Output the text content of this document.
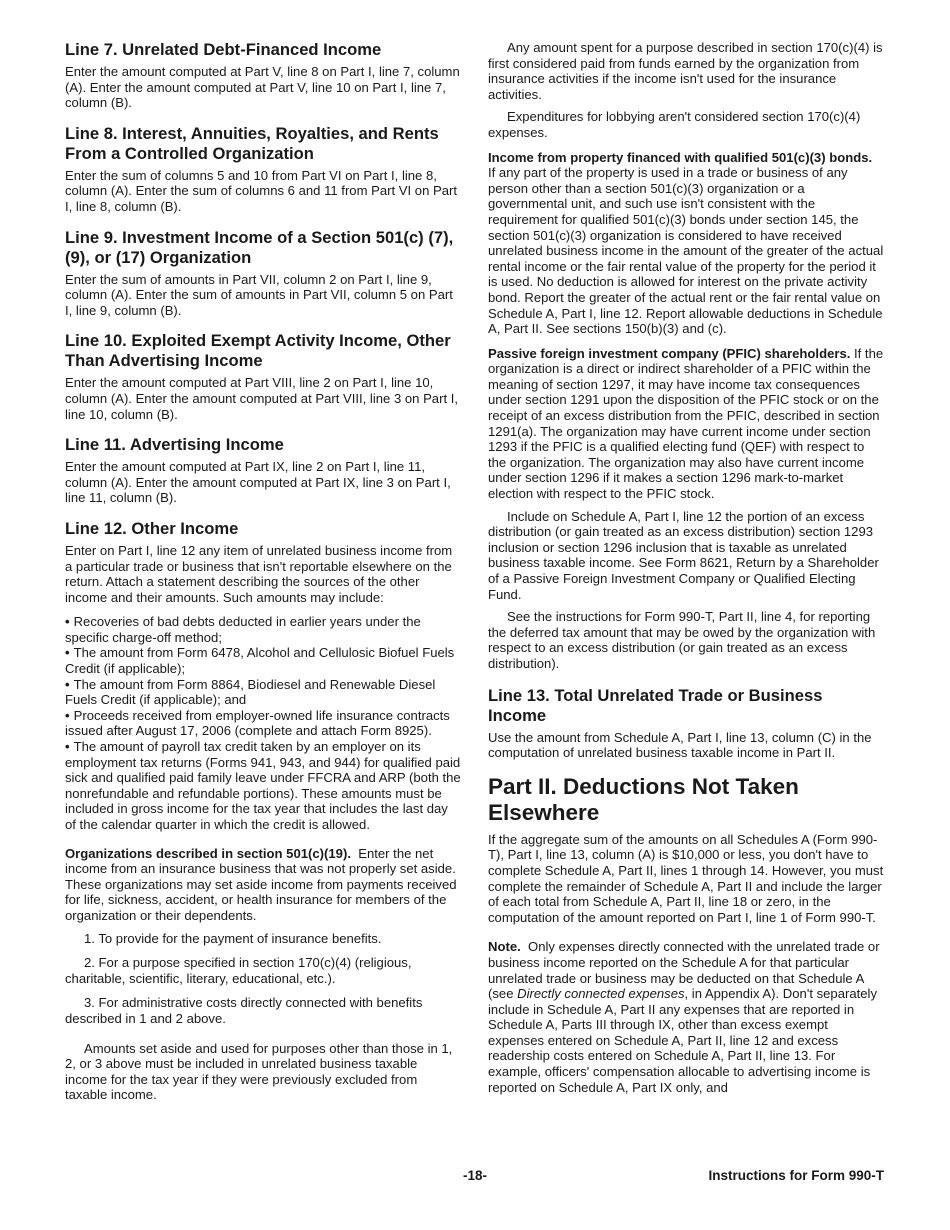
Line 7. Unrelated Debt-Financed Income

Enter the amount computed at Part V, line 8 on Part I, line 7, column (A). Enter the amount computed at Part V, line 10 on Part I, line 7, column (B).

Line 8. Interest, Annuities, Royalties, and Rents From a Controlled Organization

Enter the sum of columns 5 and 10 from Part VI on Part I, line 8, column (A). Enter the sum of columns 6 and 11 from Part VI on Part I, line 8, column (B).

Line 9. Investment Income of a Section 501(c) (7), (9), or (17) Organization

Enter the sum of amounts in Part VII, column 2 on Part I, line 9, column (A). Enter the sum of amounts in Part VII, column 5 on Part I, line 9, column (B).

Line 10. Exploited Exempt Activity Income, Other Than Advertising Income

Enter the amount computed at Part VIII, line 2 on Part I, line 10, column (A). Enter the amount computed at Part VIII, line 3 on Part I, line 10, column (B).

Line 11. Advertising Income

Enter the amount computed at Part IX, line 2 on Part I, line 11, column (A). Enter the amount computed at Part IX, line 3 on Part I, line 11, column (B).

Line 12. Other Income

Enter on Part I, line 12 any item of unrelated business income from a particular trade or business that isn't reportable elsewhere on the return. Attach a statement describing the sources of the other income and their amounts. Such amounts may include:

• Recoveries of bad debts deducted in earlier years under the specific charge-off method;

• The amount from Form 6478, Alcohol and Cellulosic Biofuel Fuels Credit (if applicable);

• The amount from Form 8864, Biodiesel and Renewable Diesel Fuels Credit (if applicable); and

• Proceeds received from employer-owned life insurance contracts issued after August 17, 2006 (complete and attach Form 8925).

• The amount of payroll tax credit taken by an employer on its employment tax returns (Forms 941, 943, and 944) for qualified paid sick and qualified paid family leave under FFCRA and ARP (both the nonrefundable and refundable portions). These amounts must be included in gross income for the tax year that includes the last day of the calendar quarter in which the credit is allowed.

Organizations described in section 501(c)(19). Enter the net income from an insurance business that was not properly set aside. These organizations may set aside income from payments received for life, sickness, accident, or health insurance for members of the organization or their dependents.

1. To provide for the payment of insurance benefits.

2. For a purpose specified in section 170(c)(4) (religious, charitable, scientific, literary, educational, etc.).

3. For administrative costs directly connected with benefits described in 1 and 2 above.

Amounts set aside and used for purposes other than those in 1, 2, or 3 above must be included in unrelated business taxable income for the tax year if they were previously excluded from taxable income.

Any amount spent for a purpose described in section 170(c)(4) is first considered paid from funds earned by the organization from insurance activities if the income isn't used for the insurance activities.

Expenditures for lobbying aren't considered section 170(c)(4) expenses.

Income from property financed with qualified 501(c)(3) bonds.  If any part of the property is used in a trade or business of any person other than a section 501(c)(3) organization or a governmental unit, and such use isn't consistent with the requirement for qualified 501(c)(3) bonds under section 145, the section 501(c)(3) organization is considered to have received unrelated business income in the amount of the greater of the actual rental income or the fair rental value of the property for the period it is used. No deduction is allowed for interest on the private activity bond. Report the greater of the actual rent or the fair rental value on Schedule A, Part I, line 12. Report allowable deductions in Schedule A, Part II. See sections 150(b)(3) and (c).

Passive foreign investment company (PFIC) shareholders. If the organization is a direct or indirect shareholder of a PFIC within the meaning of section 1297, it may have income tax consequences under section 1291 upon the disposition of the PFIC stock or on the receipt of an excess distribution from the PFIC, described in section 1291(a). The organization may have current income under section 1293 if the PFIC is a qualified electing fund (QEF) with respect to the organization. The organization may also have current income under section 1296 if it makes a section 1296 mark-to-market election with respect to the PFIC stock.

Include on Schedule A, Part I, line 12 the portion of an excess distribution (or gain treated as an excess distribution) section 1293 inclusion or section 1296 inclusion that is taxable as unrelated business taxable income. See Form 8621, Return by a Shareholder of a Passive Foreign Investment Company or Qualified Electing Fund.

See the instructions for Form 990-T, Part II, line 4, for reporting the deferred tax amount that may be owed by the organization with respect to an excess distribution (or gain treated as an excess distribution).

Line 13. Total Unrelated Trade or Business Income

Use the amount from Schedule A, Part I, line 13, column (C) in the computation of unrelated business taxable income in Part II.

Part II. Deductions Not Taken Elsewhere

If the aggregate sum of the amounts on all Schedules A (Form 990-T), Part I, line 13, column (A) is $10,000 or less, you don't have to complete Schedule A, Part II, lines 1 through 14. However, you must complete the remainder of Schedule A, Part II and include the larger of each total from Schedule A, Part II, line 18 or zero, in the computation of the amount reported on Part I, line 1 of Form 990-T.

Note. Only expenses directly connected with the unrelated trade or business income reported on the Schedule A for that particular unrelated trade or business may be deducted on that Schedule A (see Directly connected expenses, in Appendix A). Don't separately include in Schedule A, Part II any expenses that are reported in Schedule A, Parts III through IX, other than excess exempt expenses entered on Schedule A, Part II, line 12 and excess readership costs entered on Schedule A, Part II, line 13. For example, officers' compensation allocable to advertising income is reported on Schedule A, Part IX only, and

-18-	Instructions for Form 990-T
